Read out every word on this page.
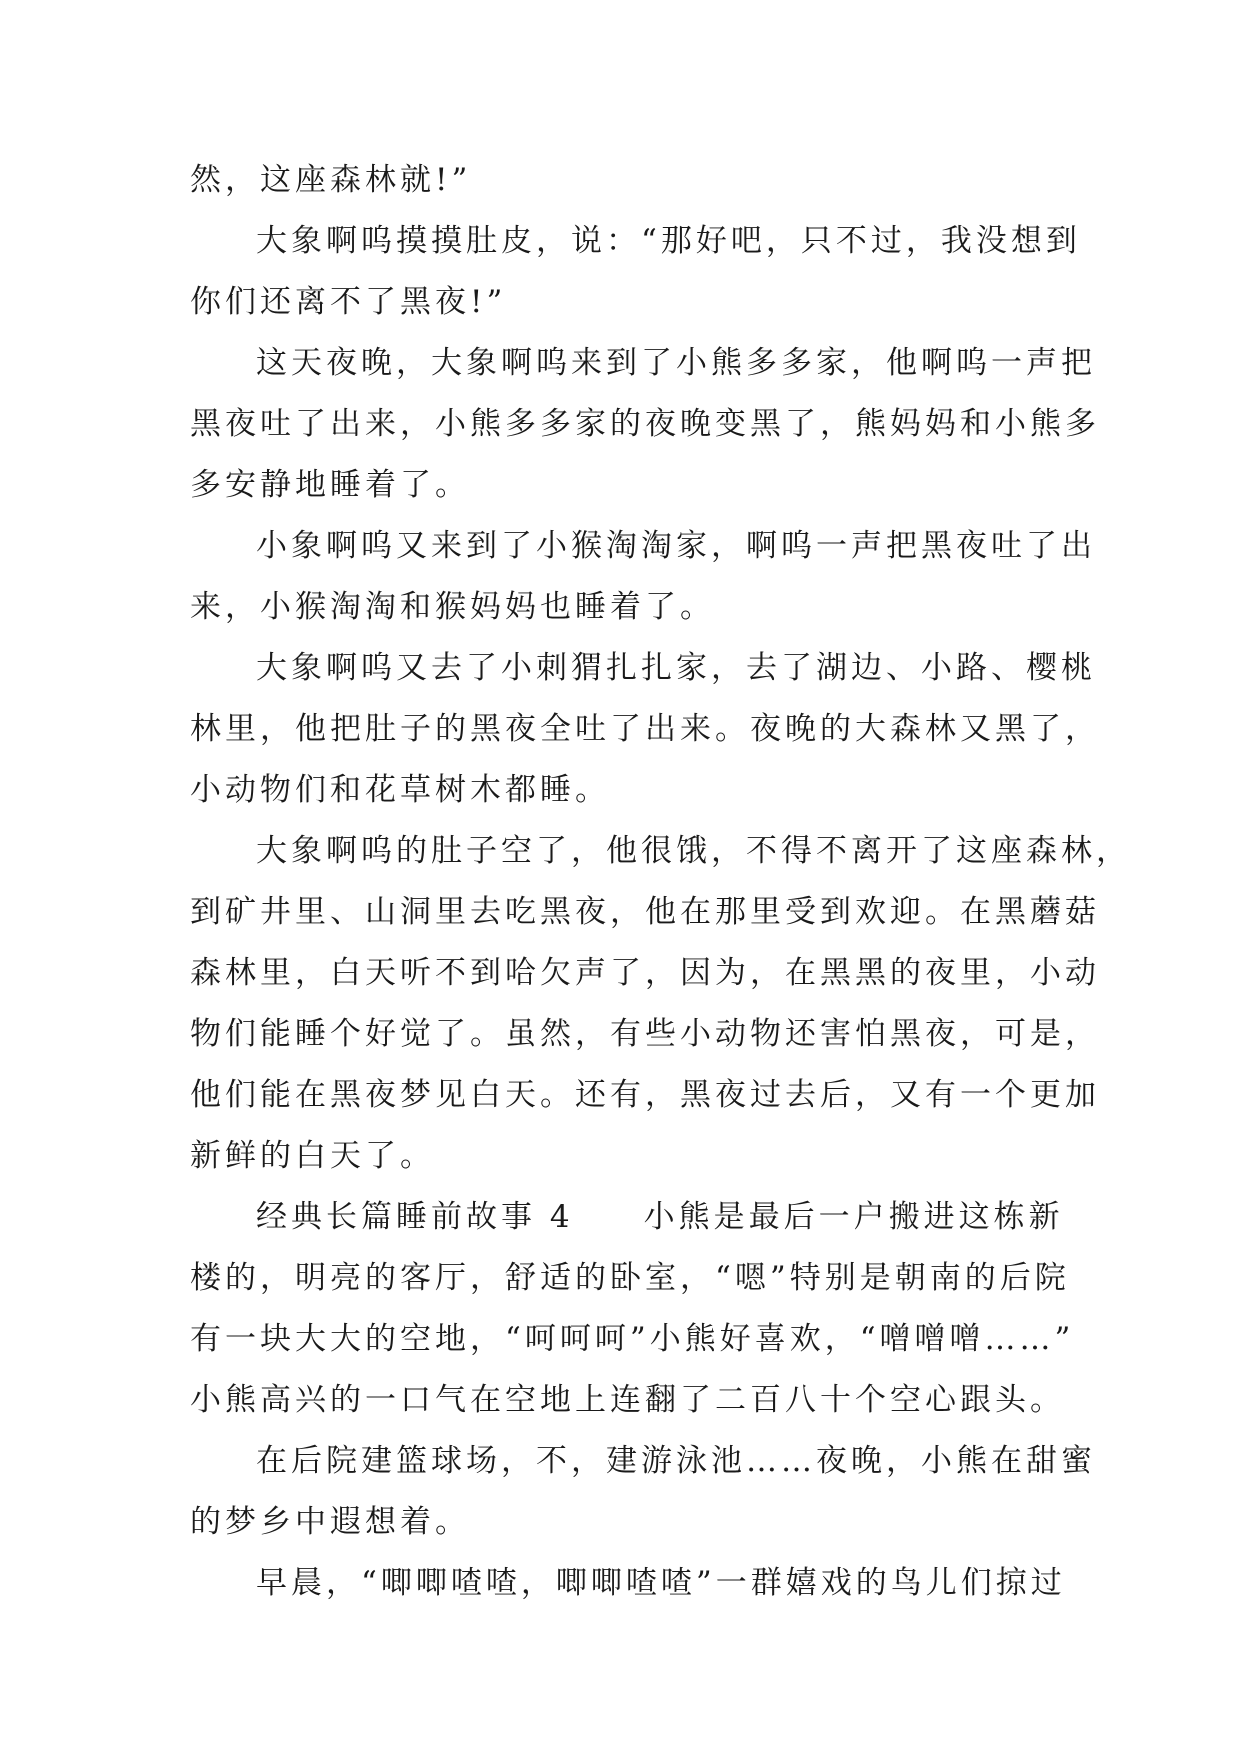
然，这座森林就!”
大象啊呜摸摸肚皮，说：“那好吧，只不过，我没想到
你们还离不了黑夜!”
这天夜晚，大象啊呜来到了小熊多多家，他啊呜一声把
黑夜吐了出来，小熊多多家的夜晚变黑了，熊妈妈和小熊多
多安静地睡着了。
小象啊呜又来到了小猴淘淘家，啊呜一声把黑夜吐了出
来，小猴淘淘和猴妈妈也睡着了。
大象啊呜又去了小刺猬扎扎家，去了湖边、小路、樱桃
林里，他把肚子的黑夜全吐了出来。夜晚的大森林又黑了，
小动物们和花草树木都睡。
大象啊呜的肚子空了，他很饿，不得不离开了这座森林，
到矿井里、山洞里去吃黑夜，他在那里受到欢迎。在黑蘑菇
森林里，白天听不到哈欠声了，因为，在黑黑的夜里，小动
物们能睡个好觉了。虽然，有些小动物还害怕黑夜，可是，
他们能在黑夜梦见白天。还有，黑夜过去后，又有一个更加
新鲜的白天了。
经典长篇睡前故事 4　　小熊是最后一户搬进这栋新
楼的，明亮的客厅，舒适的卧室，“嗯”特别是朝南的后院
有一块大大的空地，“呵呵呵”小熊好喜欢，“噌噌噌……”
小熊高兴的一口气在空地上连翻了二百八十个空心跟头。
在后院建篮球场，不，建游泳池……夜晚，小熊在甜蜜
的梦乡中遐想着。
早晨，“唧唧喳喳，唧唧喳喳”一群嬉戏的鸟儿们掠过
